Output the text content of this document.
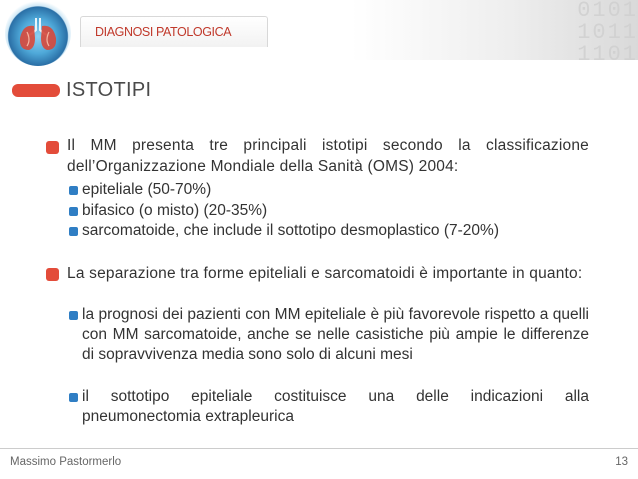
0101
1011
1101
DIAGNOSI PATOLOGICA
ISTOTIPI
Il MM presenta tre principali istotipi secondo la classificazione dell’Organizzazione Mondiale della Sanità (OMS) 2004:
epiteliale (50-70%)
bifasico (o misto) (20-35%)
sarcomatoide, che include il sottotipo desmoplastico (7-20%)
La separazione tra forme epiteliali e sarcomatoidi è importante in quanto:
la prognosi dei pazienti con MM epiteliale è più favorevole rispetto a quelli con MM sarcomatoide, anche se nelle casistiche più ampie le differenze di sopravvivenza media sono solo di alcuni mesi
il sottotipo epiteliale costituisce una delle indicazioni alla pneumonectomia extrapleurica
Massimo Pastormerlo	13
